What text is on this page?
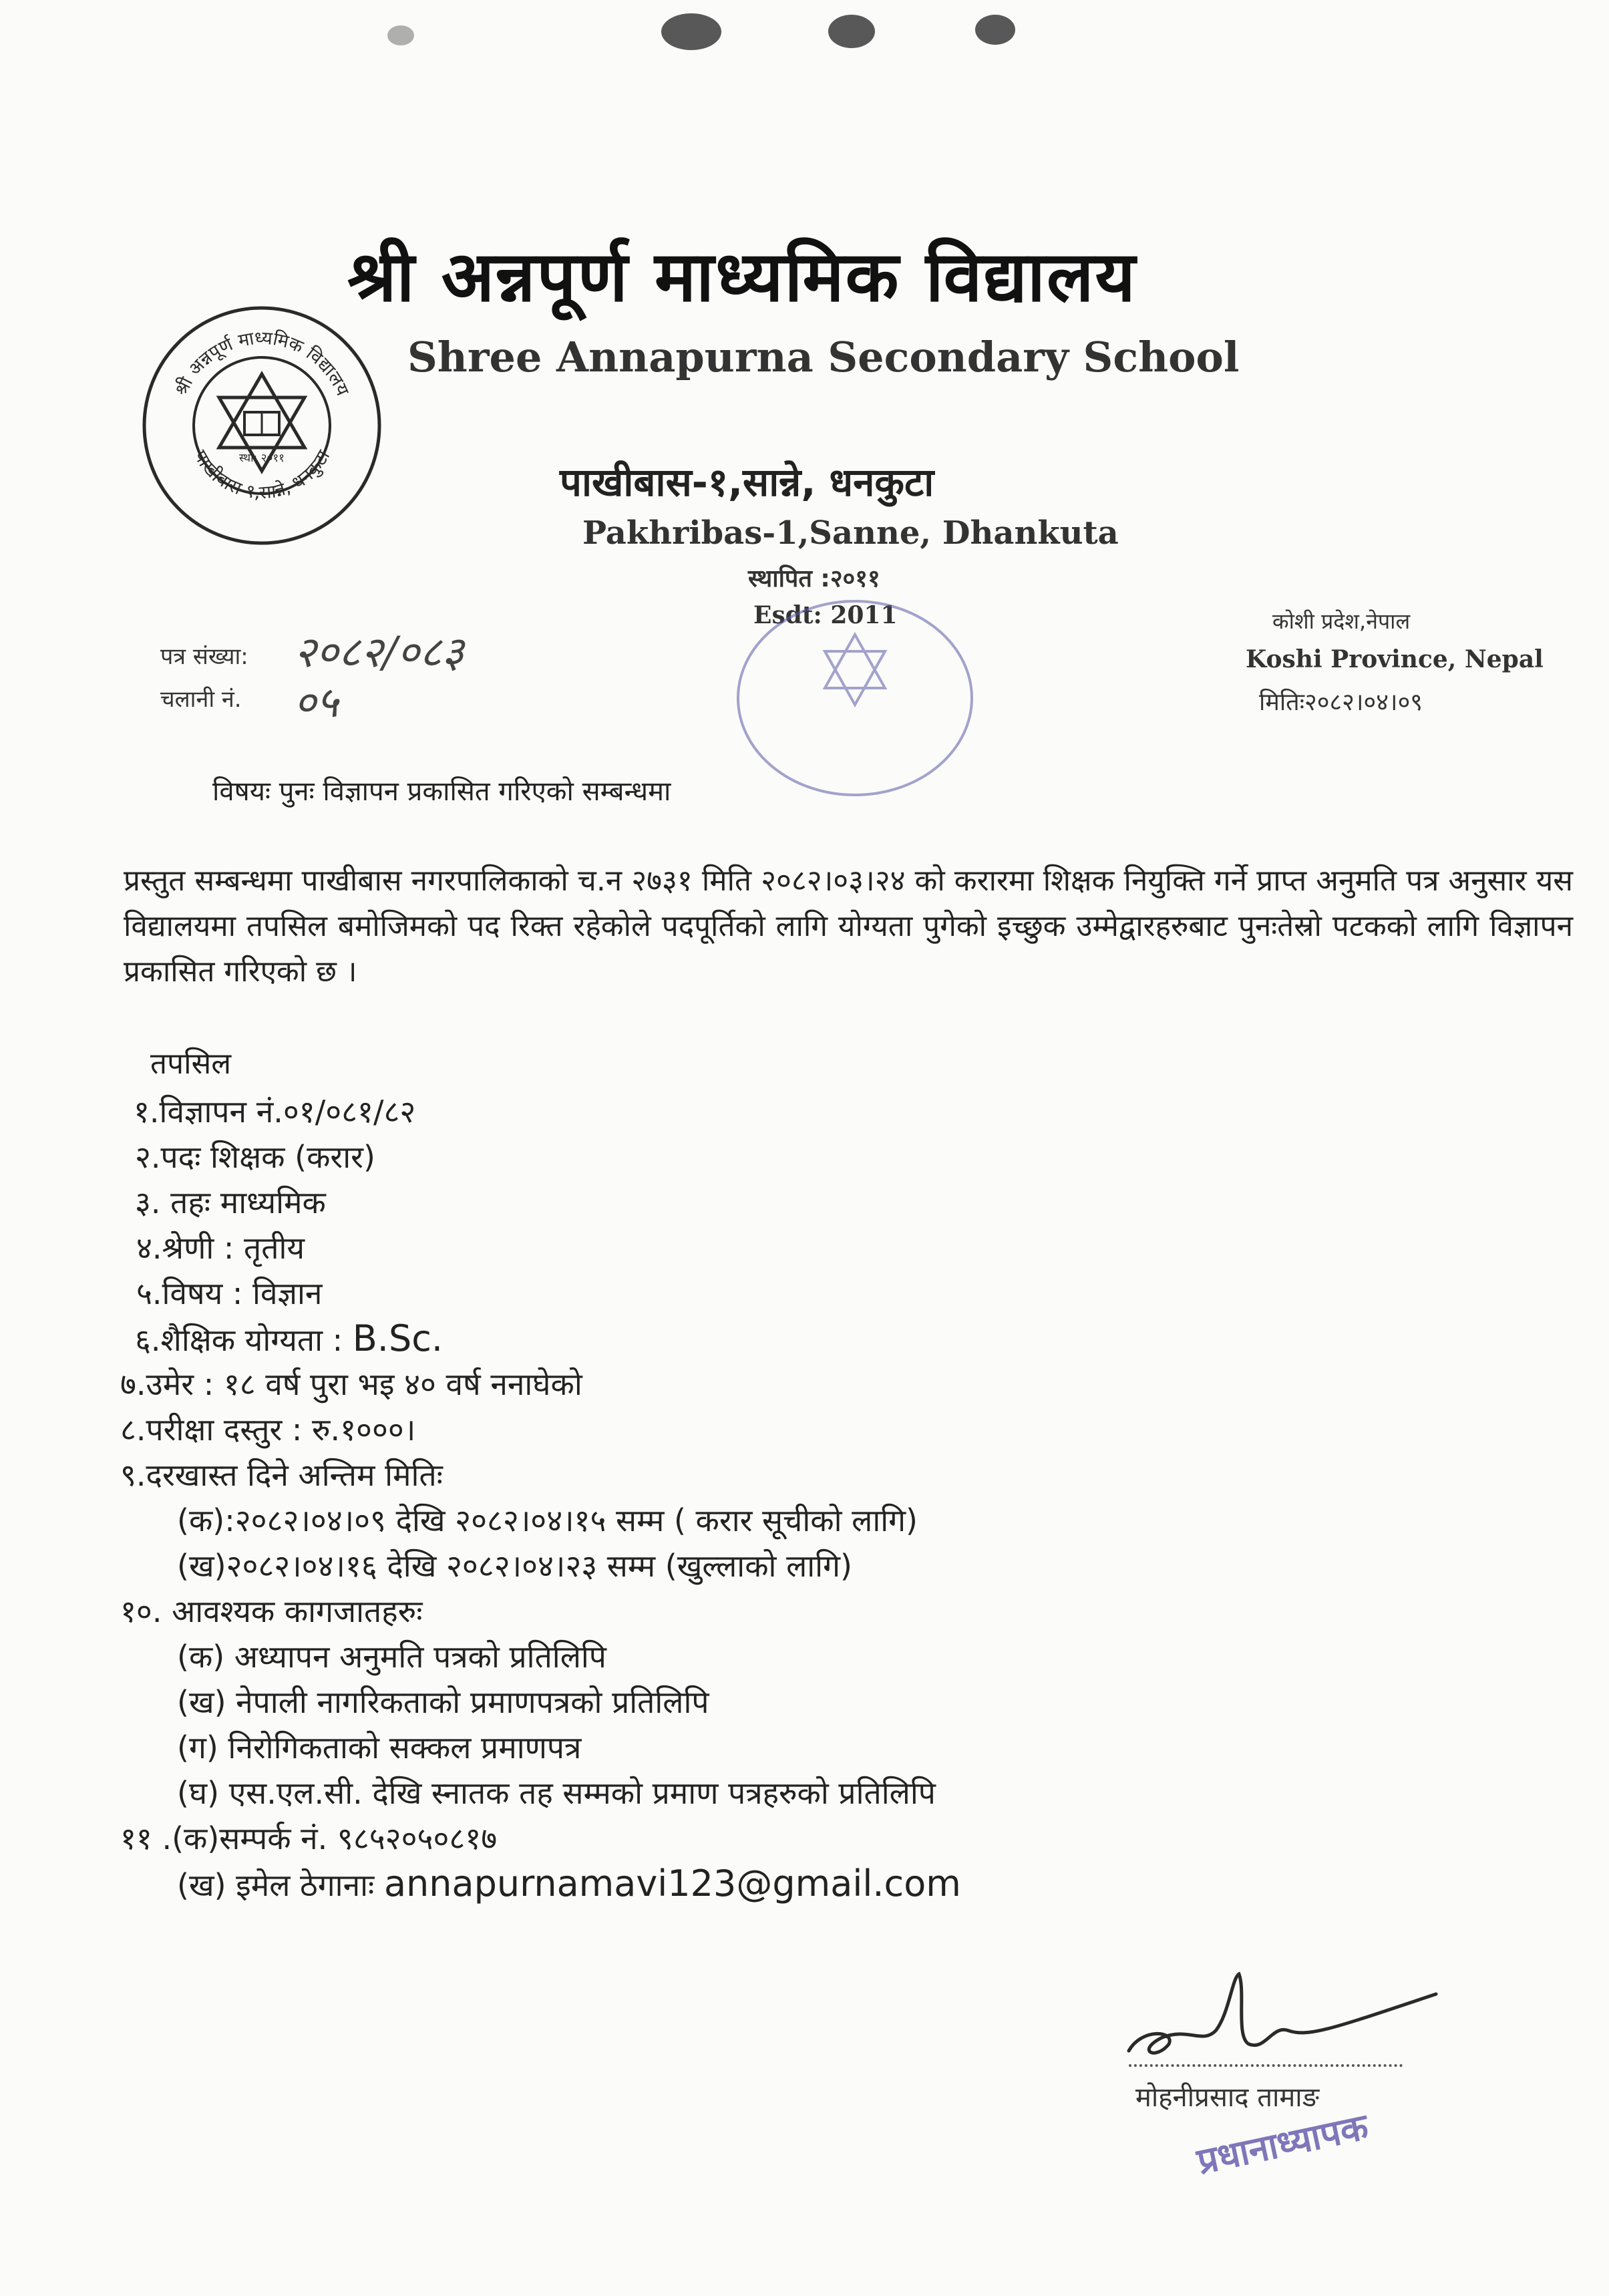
श्री अन्नपूर्ण माध्यमिक विद्यालय
पाखीबास-१,सान्ने, धनकुटा
स्था: २०११
श्री अन्नपूर्ण माध्यमिक विद्यालय
Shree Annapurna Secondary School
पाखीबास-१,सान्ने, धनकुटा
Pakhribas-1,Sanne, Dhankuta
स्थापित :२०११
Esdt: 2011	कोशी प्रदेश,नेपाल
Koshi Province, Nepal
मितिः२०८२।०४।०९
पत्र संख्या: २०८२/०८३
चलानी नं. ०५
विषयः पुनः विज्ञापन प्रकासित गरिएको सम्बन्धमा
प्रस्तुत सम्बन्धमा पाखीबास नगरपालिकाको च.न २७३१ मिति २०८२।०३।२४ को करारमा शिक्षक नियुक्ति गर्ने प्राप्त अनुमति पत्र अनुसार यस विद्यालयमा तपसिल बमोजिमको पद रिक्त रहेकोले पदपूर्तिको लागि योग्यता पुगेको इच्छुक उम्मेद्वारहरुबाट पुनःतेस्रो पटकको लागि विज्ञापन प्रकासित गरिएको छ ।
तपसिल
१.विज्ञापन नं.०१/०८१/८२
२.पदः शिक्षक (करार)
३. तहः माध्यमिक
४.श्रेणी : तृतीय
५.विषय : विज्ञान
६.शैक्षिक योग्यता : B.Sc.
७.उमेर : १८ वर्ष पुरा भइ ४० वर्ष ननाघेको
८.परीक्षा दस्तुर : रु.१०००।
९.दरखास्त दिने अन्तिम मितिः
(क):२०८२।०४।०९ देखि २०८२।०४।१५ सम्म ( करार सूचीको लागि)
(ख)२०८२।०४।१६ देखि २०८२।०४।२३ सम्म (खुल्लाको लागि)
१०. आवश्यक कागजातहरुः
(क) अध्यापन अनुमति पत्रको प्रतिलिपि
(ख) नेपाली नागरिकताको प्रमाणपत्रको प्रतिलिपि
(ग) निरोगिकताको सक्कल प्रमाणपत्र
(घ) एस.एल.सी. देखि स्नातक तह सम्मको प्रमाण पत्रहरुको प्रतिलिपि
११ .(क)सम्पर्क नं. ९८५२०५०८१७
(ख) इमेल ठेगानाः annapurnamavi123@gmail.com
मोहनीप्रसाद तामाङ
प्रधानाध्यापक
